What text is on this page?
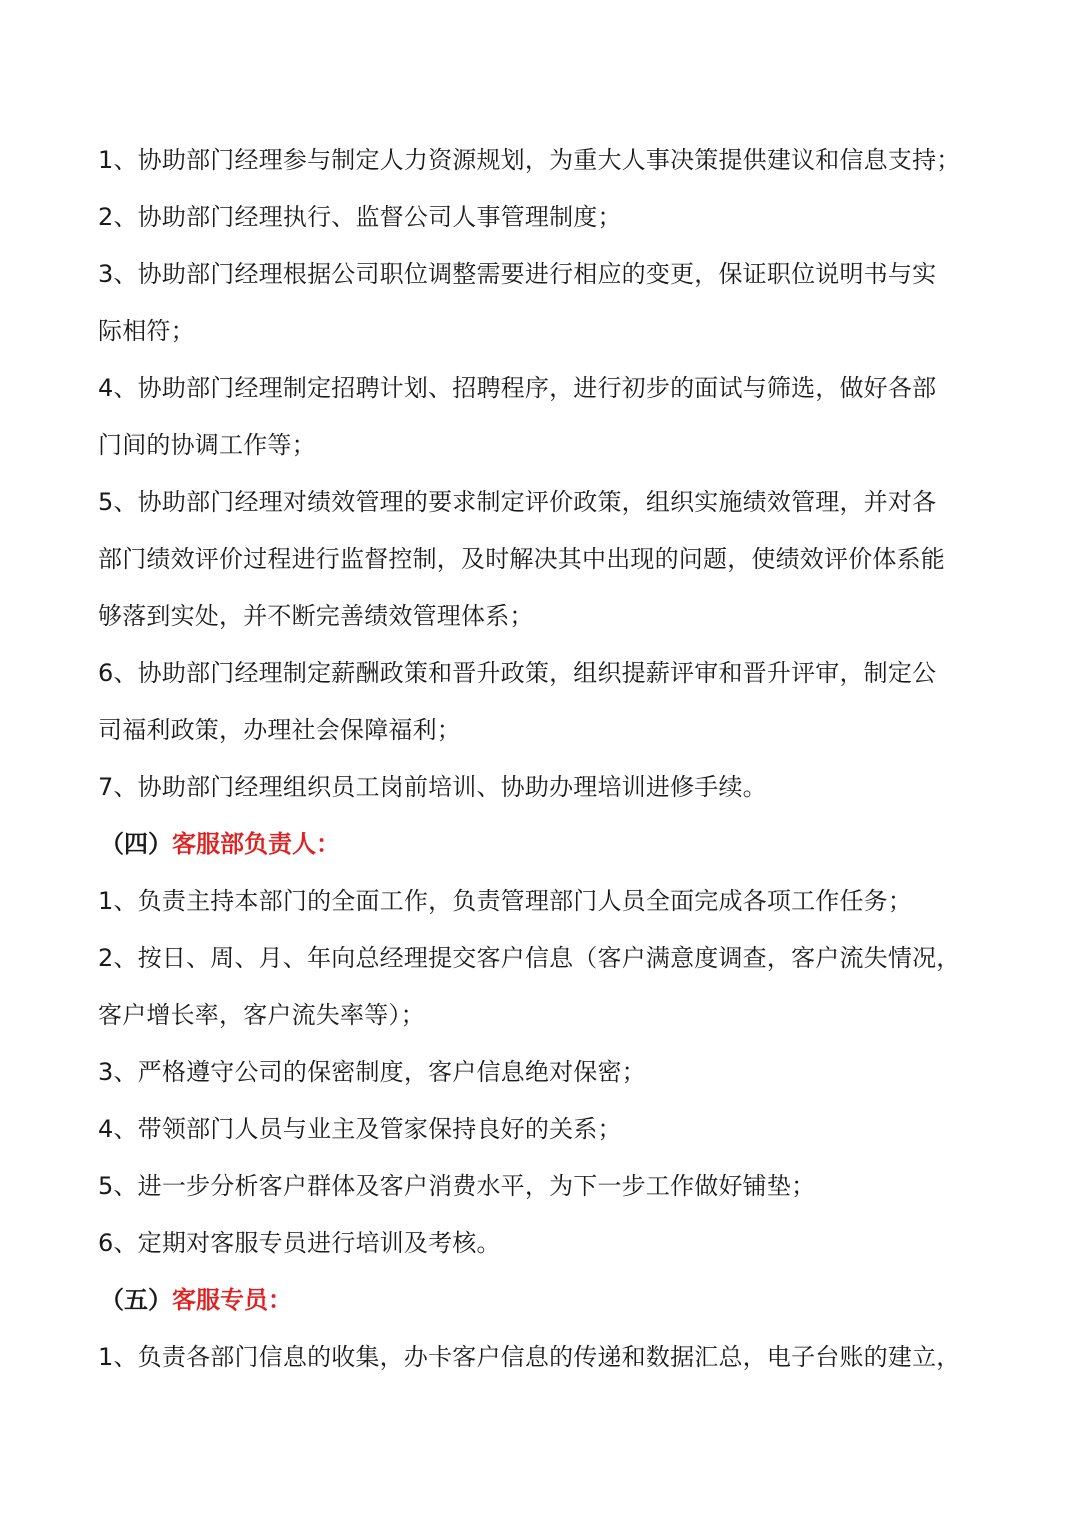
1、协助部门经理参与制定人力资源规划，为重大人事决策提供建议和信息支持；
2、协助部门经理执行、监督公司人事管理制度；
3、协助部门经理根据公司职位调整需要进行相应的变更，保证职位说明书与实
际相符；
4、协助部门经理制定招聘计划、招聘程序，进行初步的面试与筛选，做好各部
门间的协调工作等；
5、协助部门经理对绩效管理的要求制定评价政策，组织实施绩效管理，并对各
部门绩效评价过程进行监督控制，及时解决其中出现的问题，使绩效评价体系能
够落到实处，并不断完善绩效管理体系；
6、协助部门经理制定薪酬政策和晋升政策，组织提薪评审和晋升评审，制定公
司福利政策，办理社会保障福利；
7、协助部门经理组织员工岗前培训、协助办理培训进修手续。
（四）客服部负责人：
1、负责主持本部门的全面工作，负责管理部门人员全面完成各项工作任务；
2、按日、周、月、年向总经理提交客户信息（客户满意度调查，客户流失情况，
客户增长率，客户流失率等）；
3、严格遵守公司的保密制度，客户信息绝对保密；
4、带领部门人员与业主及管家保持良好的关系；
5、进一步分析客户群体及客户消费水平，为下一步工作做好铺垫；
6、定期对客服专员进行培训及考核。
（五）客服专员：
1、负责各部门信息的收集，办卡客户信息的传递和数据汇总，电子台账的建立，
